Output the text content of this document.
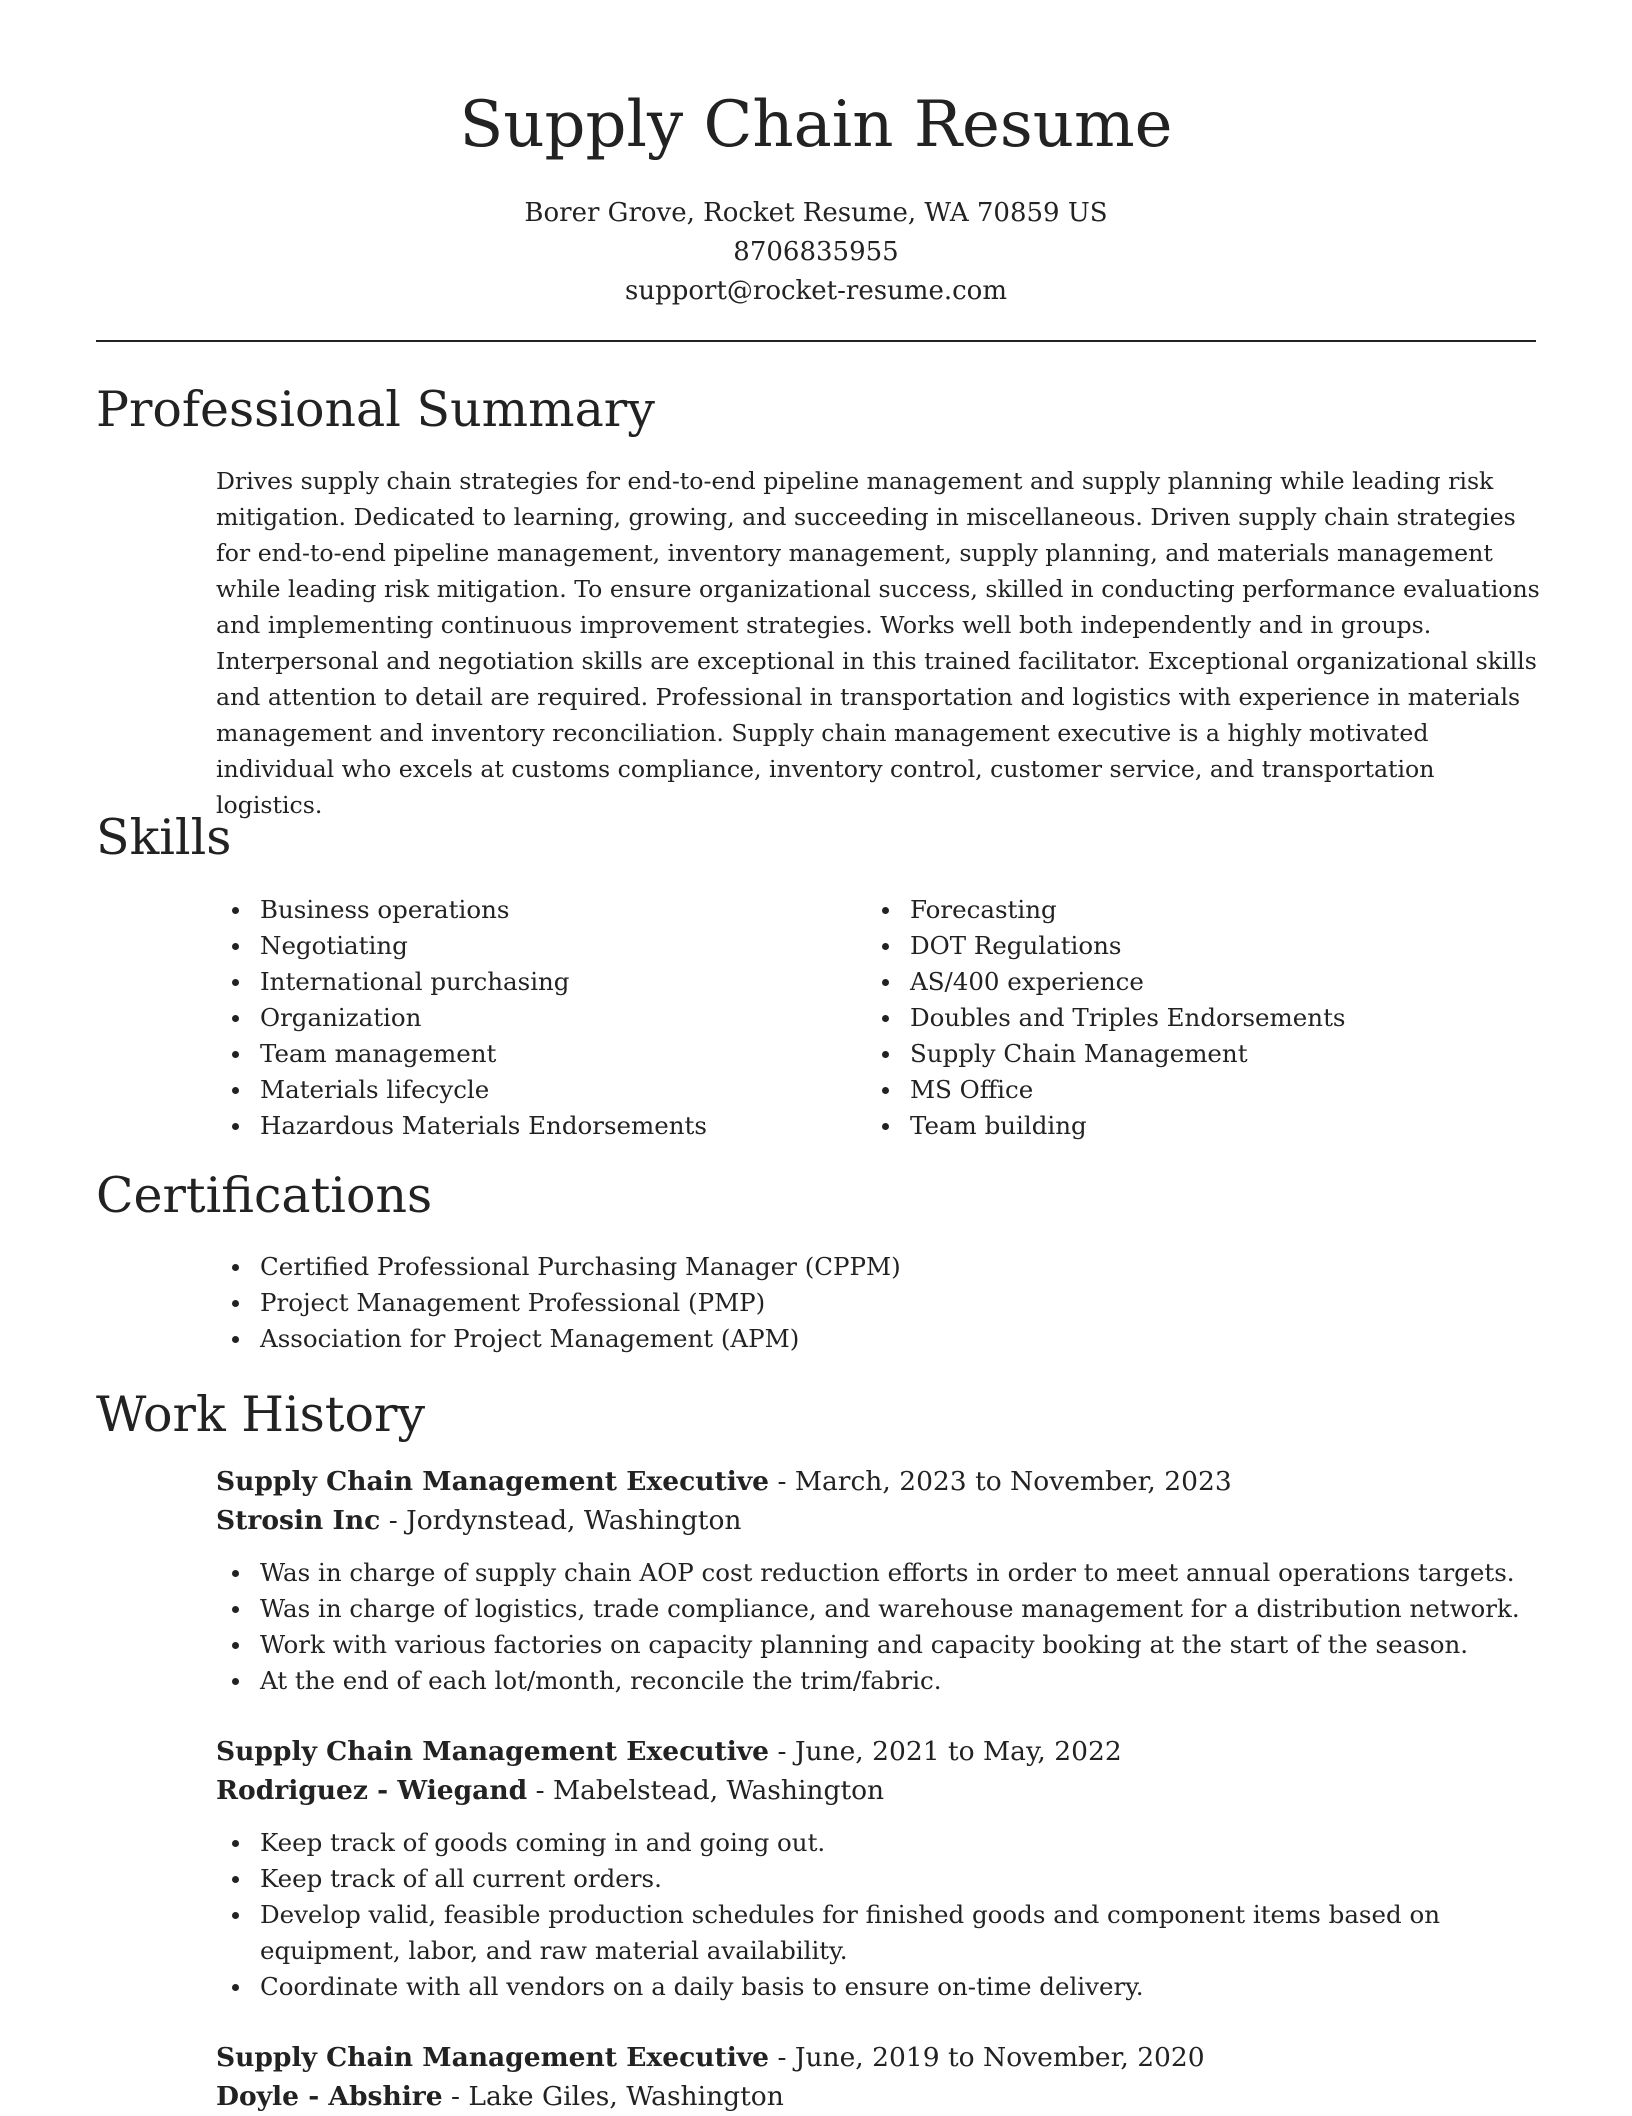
Supply Chain Resume

Borer Grove, Rocket Resume, WA 70859 US

8706835955

support@rocket-resume.com

Professional Summary

Drives supply chain strategies for end-to-end pipeline management and supply planning while leading risk mitigation. Dedicated to learning, growing, and succeeding in miscellaneous. Driven supply chain strategies for end-to-end pipeline management, inventory management, supply planning, and materials management while leading risk mitigation. To ensure organizational success, skilled in conducting performance evaluations and implementing continuous improvement strategies. Works well both independently and in groups. Interpersonal and negotiation skills are exceptional in this trained facilitator. Exceptional organizational skills and attention to detail are required. Professional in transportation and logistics with experience in materials management and inventory reconciliation. Supply chain management executive is a highly motivated individual who excels at customs compliance, inventory control, customer service, and transportation logistics.

Skills
Business operations
Negotiating
International purchasing
Organization
Team management
Materials lifecycle
Hazardous Materials Endorsements
Forecasting
DOT Regulations
AS/400 experience
Doubles and Triples Endorsements
Supply Chain Management
MS Office
Team building
Certifications
Certified Professional Purchasing Manager (CPPM)
Project Management Professional (PMP)
Association for Project Management (APM)
Work History

Supply Chain Management Executive - March, 2023 to November, 2023

Strosin Inc - Jordynstead, Washington

Was in charge of supply chain AOP cost reduction efforts in order to meet annual operations targets.
Was in charge of logistics, trade compliance, and warehouse management for a distribution network.
Work with various factories on capacity planning and capacity booking at the start of the season.
At the end of each lot/month, reconcile the trim/fabric.

Supply Chain Management Executive - June, 2021 to May, 2022

Rodriguez - Wiegand - Mabelstead, Washington

Keep track of goods coming in and going out.
Keep track of all current orders.
Develop valid, feasible production schedules for finished goods and component items based on equipment, labor, and raw material availability.
Coordinate with all vendors on a daily basis to ensure on-time delivery.

Supply Chain Management Executive - June, 2019 to November, 2020

Doyle - Abshire - Lake Giles, Washington
